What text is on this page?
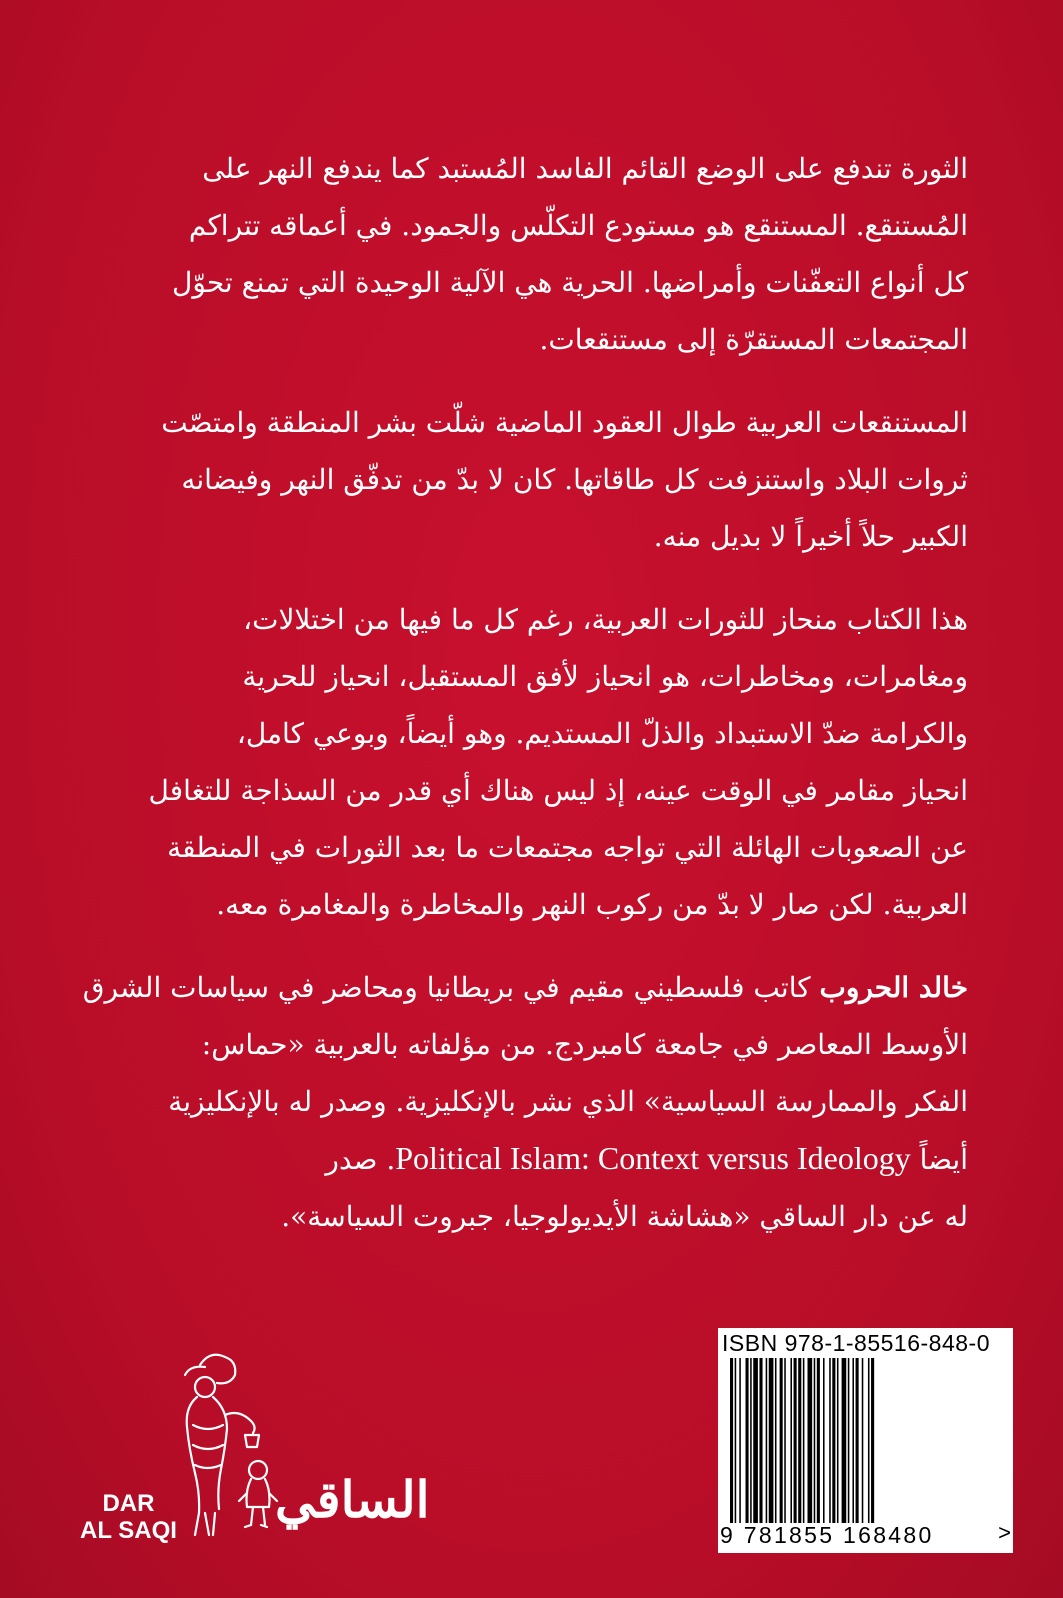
الثورة تندفع على الوضع القائم الفاسد المُستبد كما يندفع النهر على
المُستنقع. المستنقع هو مستودع التكلّس والجمود. في أعماقه تتراكم
كل أنواع التعفّنات وأمراضها. الحرية هي الآلية الوحيدة التي تمنع تحوّل
المجتمعات المستقرّة إلى مستنقعات.

المستنقعات العربية طوال العقود الماضية شلّت بشر المنطقة وامتصّت
ثروات البلاد واستنزفت كل طاقاتها. كان لا بدّ من تدفّق النهر وفيضانه
الكبير حلاً أخيراً لا بديل منه.

هذا الكتاب منحاز للثورات العربية، رغم كل ما فيها من اختلالات،
ومغامرات، ومخاطرات، هو انحياز لأفق المستقبل، انحياز للحرية
والكرامة ضدّ الاستبداد والذلّ المستديم. وهو أيضاً، وبوعي كامل،
انحياز مقامر في الوقت عينه، إذ ليس هناك أي قدر من السذاجة للتغافل
عن الصعوبات الهائلة التي تواجه مجتمعات ما بعد الثورات في المنطقة
العربية. لكن صار لا بدّ من ركوب النهر والمخاطرة والمغامرة معه.

خالد الحروب كاتب فلسطيني مقيم في بريطانيا ومحاضر في سياسات الشرق
الأوسط المعاصر في جامعة كامبردج. من مؤلفاته بالعربية «حماس:
الفكر والممارسة السياسية» الذي نشر بالإنكليزية. وصدر له بالإنكليزية
أيضاً Political Islam: Context versus Ideology. صدر
له عن دار الساقي «هشاشة الأيديولوجيا، جبروت السياسة».

DAR
AL SAQI
الساقي
ISBN 978-1-85516-848-0
9 781855 168480	>
